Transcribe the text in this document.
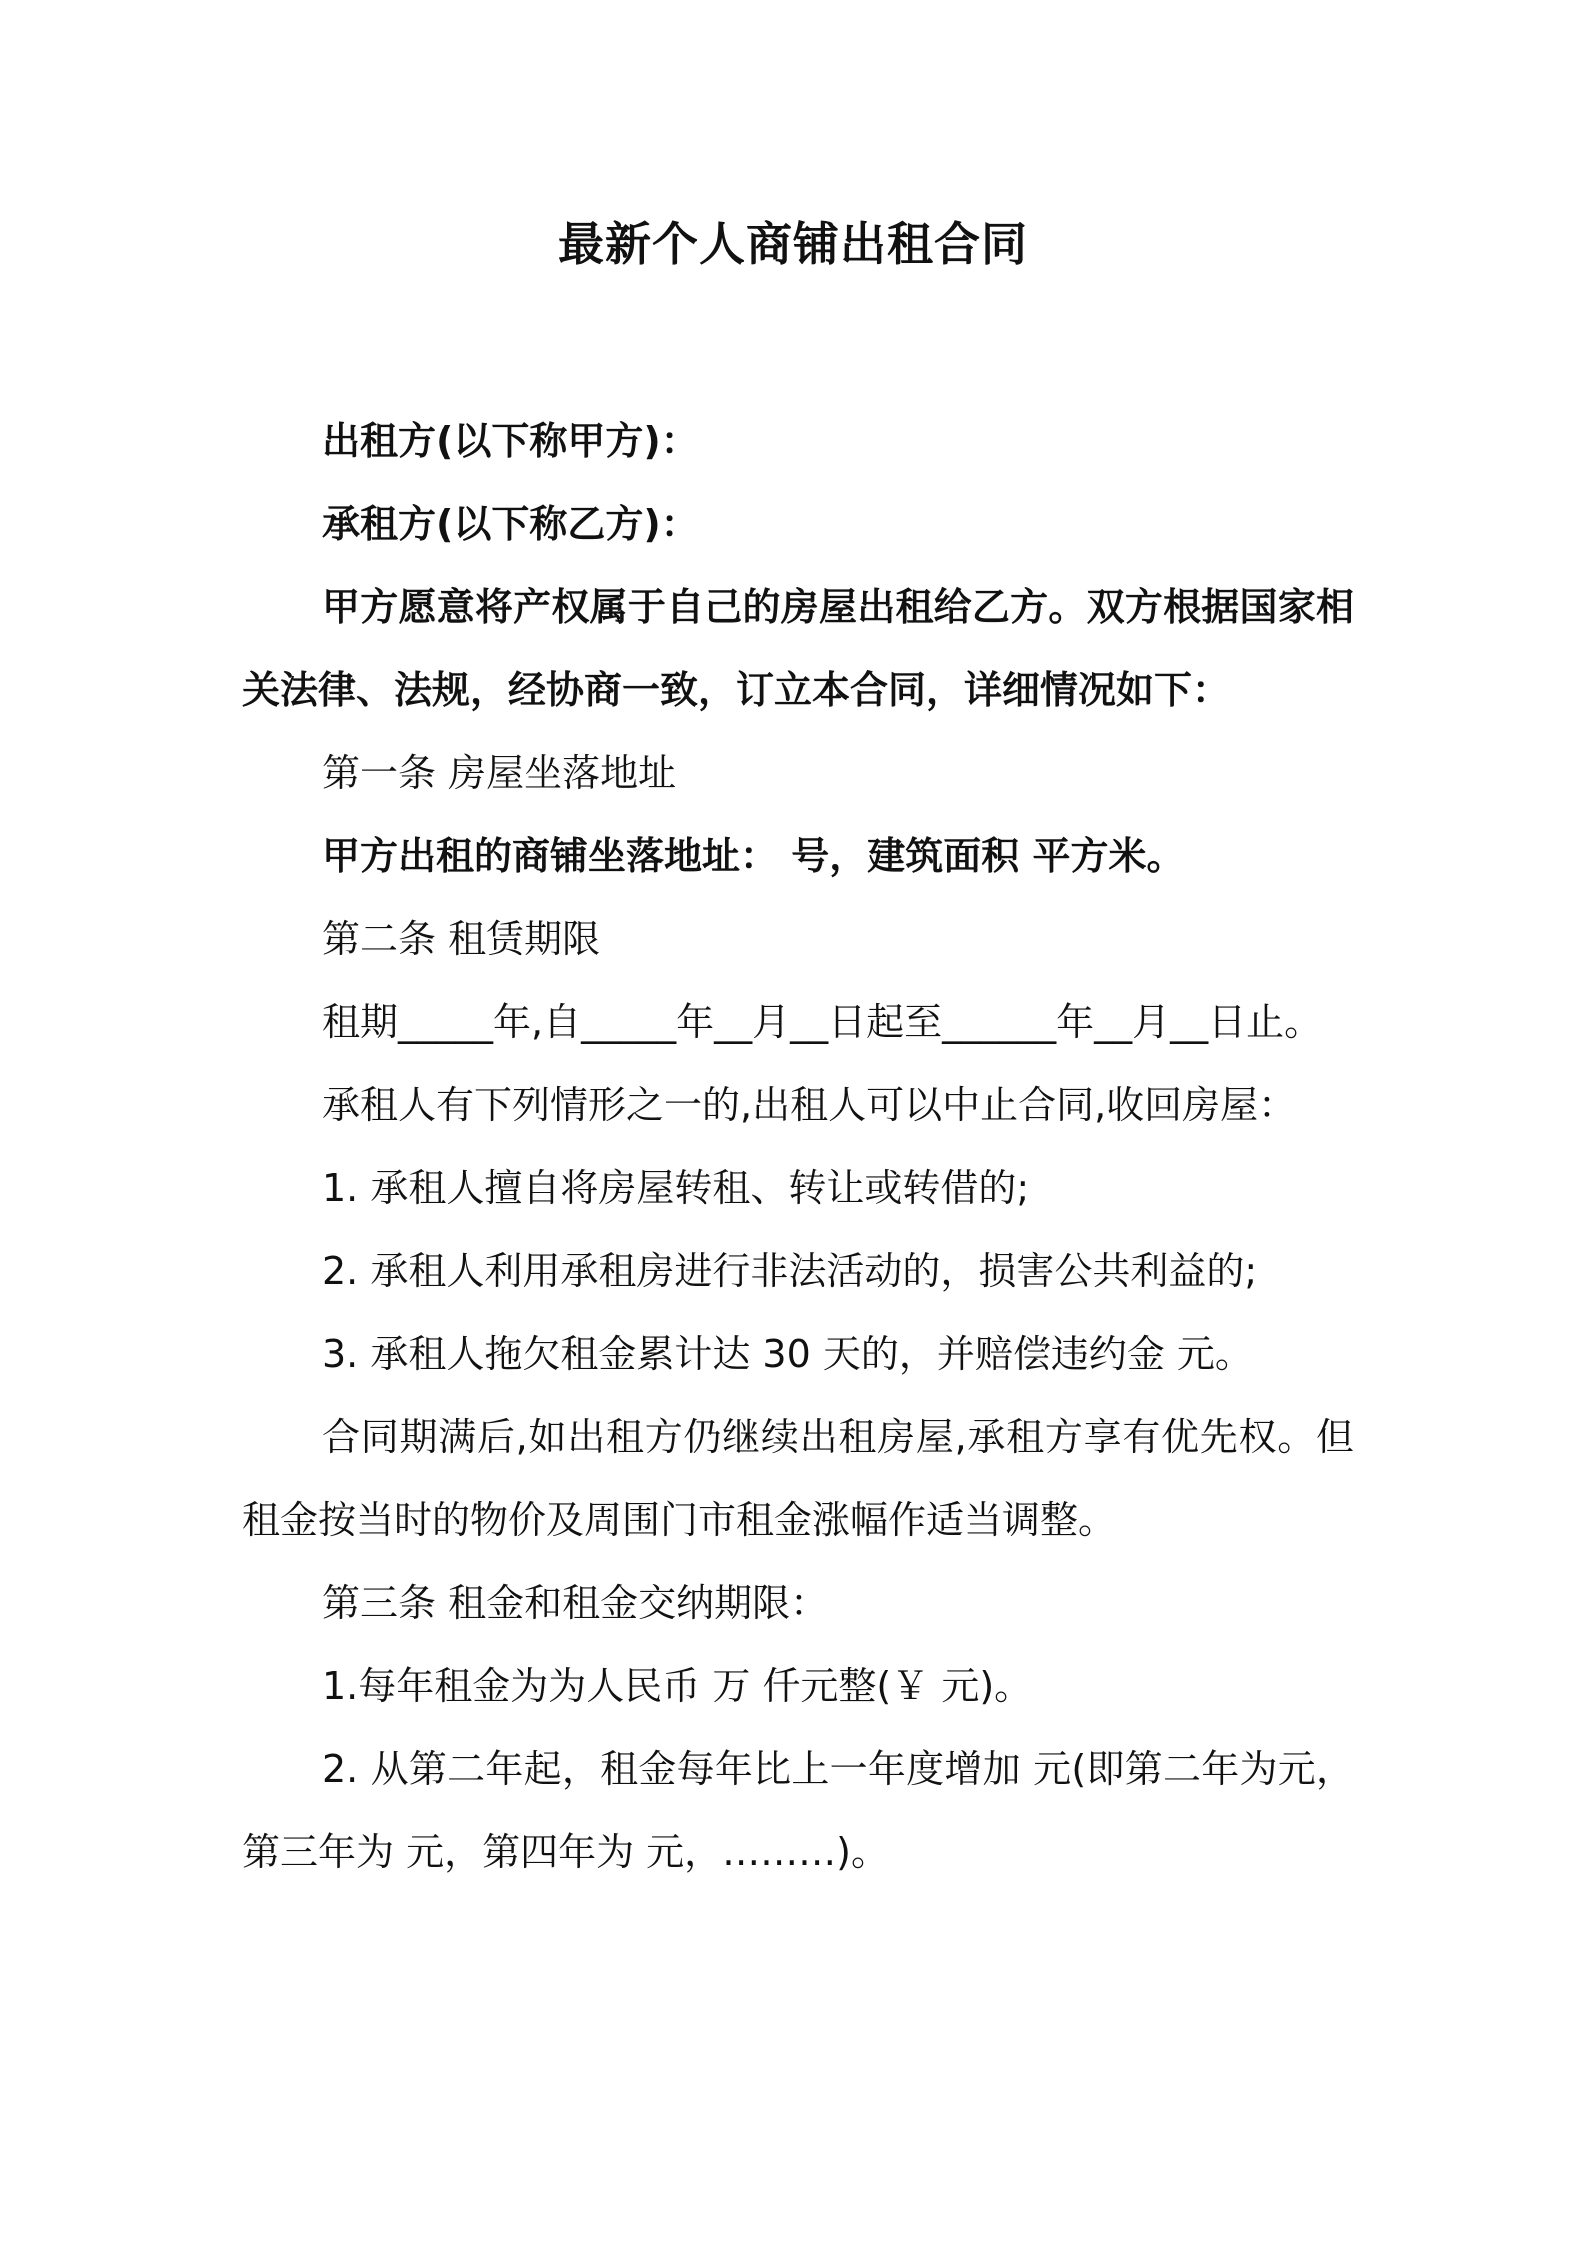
最新个人商铺出租合同

出租方(以下称甲方)：

承租方(以下称乙方)：

甲方愿意将产权属于自己的房屋出租给乙方。双方根据国家相关法律、法规，经协商一致，订立本合同，详细情况如下：

第一条 房屋坐落地址

甲方出租的商铺坐落地址： 号，建筑面积 平方米。

第二条 租赁期限

租期_____年,自_____年__月__日起至______年__月__日止。

承租人有下列情形之一的,出租人可以中止合同,收回房屋：

1. 承租人擅自将房屋转租、转让或转借的;

2. 承租人利用承租房进行非法活动的，损害公共利益的;

3. 承租人拖欠租金累计达 30 天的，并赔偿违约金 元。

合同期满后,如出租方仍继续出租房屋,承租方享有优先权。但租金按当时的物价及周围门市租金涨幅作适当调整。

第三条 租金和租金交纳期限：

1.每年租金为为人民币 万 仟元整(￥ 元)。

2. 从第二年起，租金每年比上一年度增加 元(即第二年为元，第三年为 元，第四年为 元，………)。
